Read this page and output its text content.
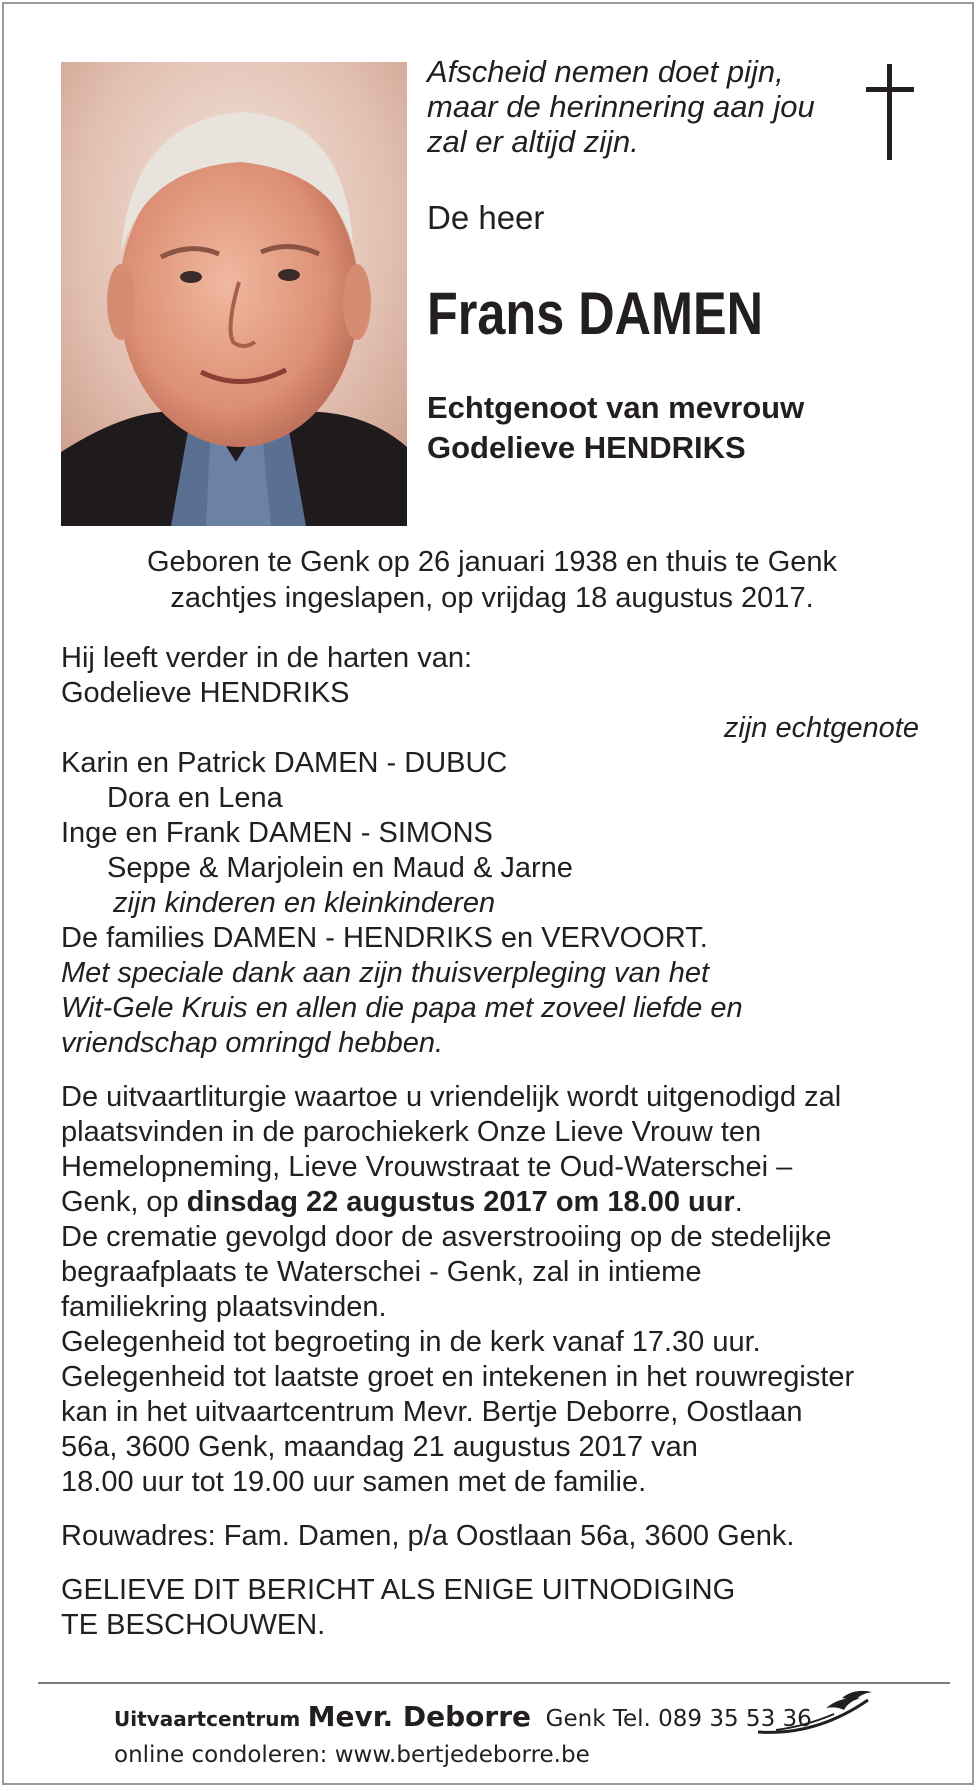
Afscheid nemen doet pijn,
maar de herinnering aan jou
zal er altijd zijn.

De heer
Frans DAMEN

Echtgenoot van mevrouw
Godelieve HENDRIKS

Geboren te Genk op 26 januari 1938 en thuis te Genk
zachtjes ingeslapen, op vrijdag 18 augustus 2017.

Hij leeft verder in de harten van:
Godelieve HENDRIKS
zijn echtgenote
Karin en Patrick DAMEN - DUBUC
Dora en Lena
Inge en Frank DAMEN - SIMONS
Seppe & Marjolein en Maud & Jarne
zijn kinderen en kleinkinderen
De families DAMEN - HENDRIKS en VERVOORT.
Met speciale dank aan zijn thuisverpleging van het
Wit-Gele Kruis en allen die papa met zoveel liefde en
vriendschap omringd hebben.
De uitvaartliturgie waartoe u vriendelijk wordt uitgenodigd zal
plaatsvinden in de parochiekerk Onze Lieve Vrouw ten
Hemelopneming, Lieve Vrouwstraat te Oud-Waterschei –
Genk, op dinsdag 22 augustus 2017 om 18.00 uur.
De crematie gevolgd door de asverstrooiing op de stedelijke
begraafplaats te Waterschei - Genk, zal in intieme
familiekring plaatsvinden.
Gelegenheid tot begroeting in de kerk vanaf 17.30 uur.
Gelegenheid tot laatste groet en intekenen in het rouwregister
kan in het uitvaartcentrum Mevr. Bertje Deborre, Oostlaan
56a, 3600 Genk, maandag 21 augustus 2017 van
18.00 uur tot 19.00 uur samen met de familie.
Rouwadres: Fam. Damen, p/a Oostlaan 56a, 3600 Genk.
GELIEVE DIT BERICHT ALS ENIGE UITNODIGING
TE BESCHOUWEN.
Uitvaartcentrum Mevr. Deborre Genk Tel. 089 35 53 36
online condoleren: www.bertjedeborre.be
